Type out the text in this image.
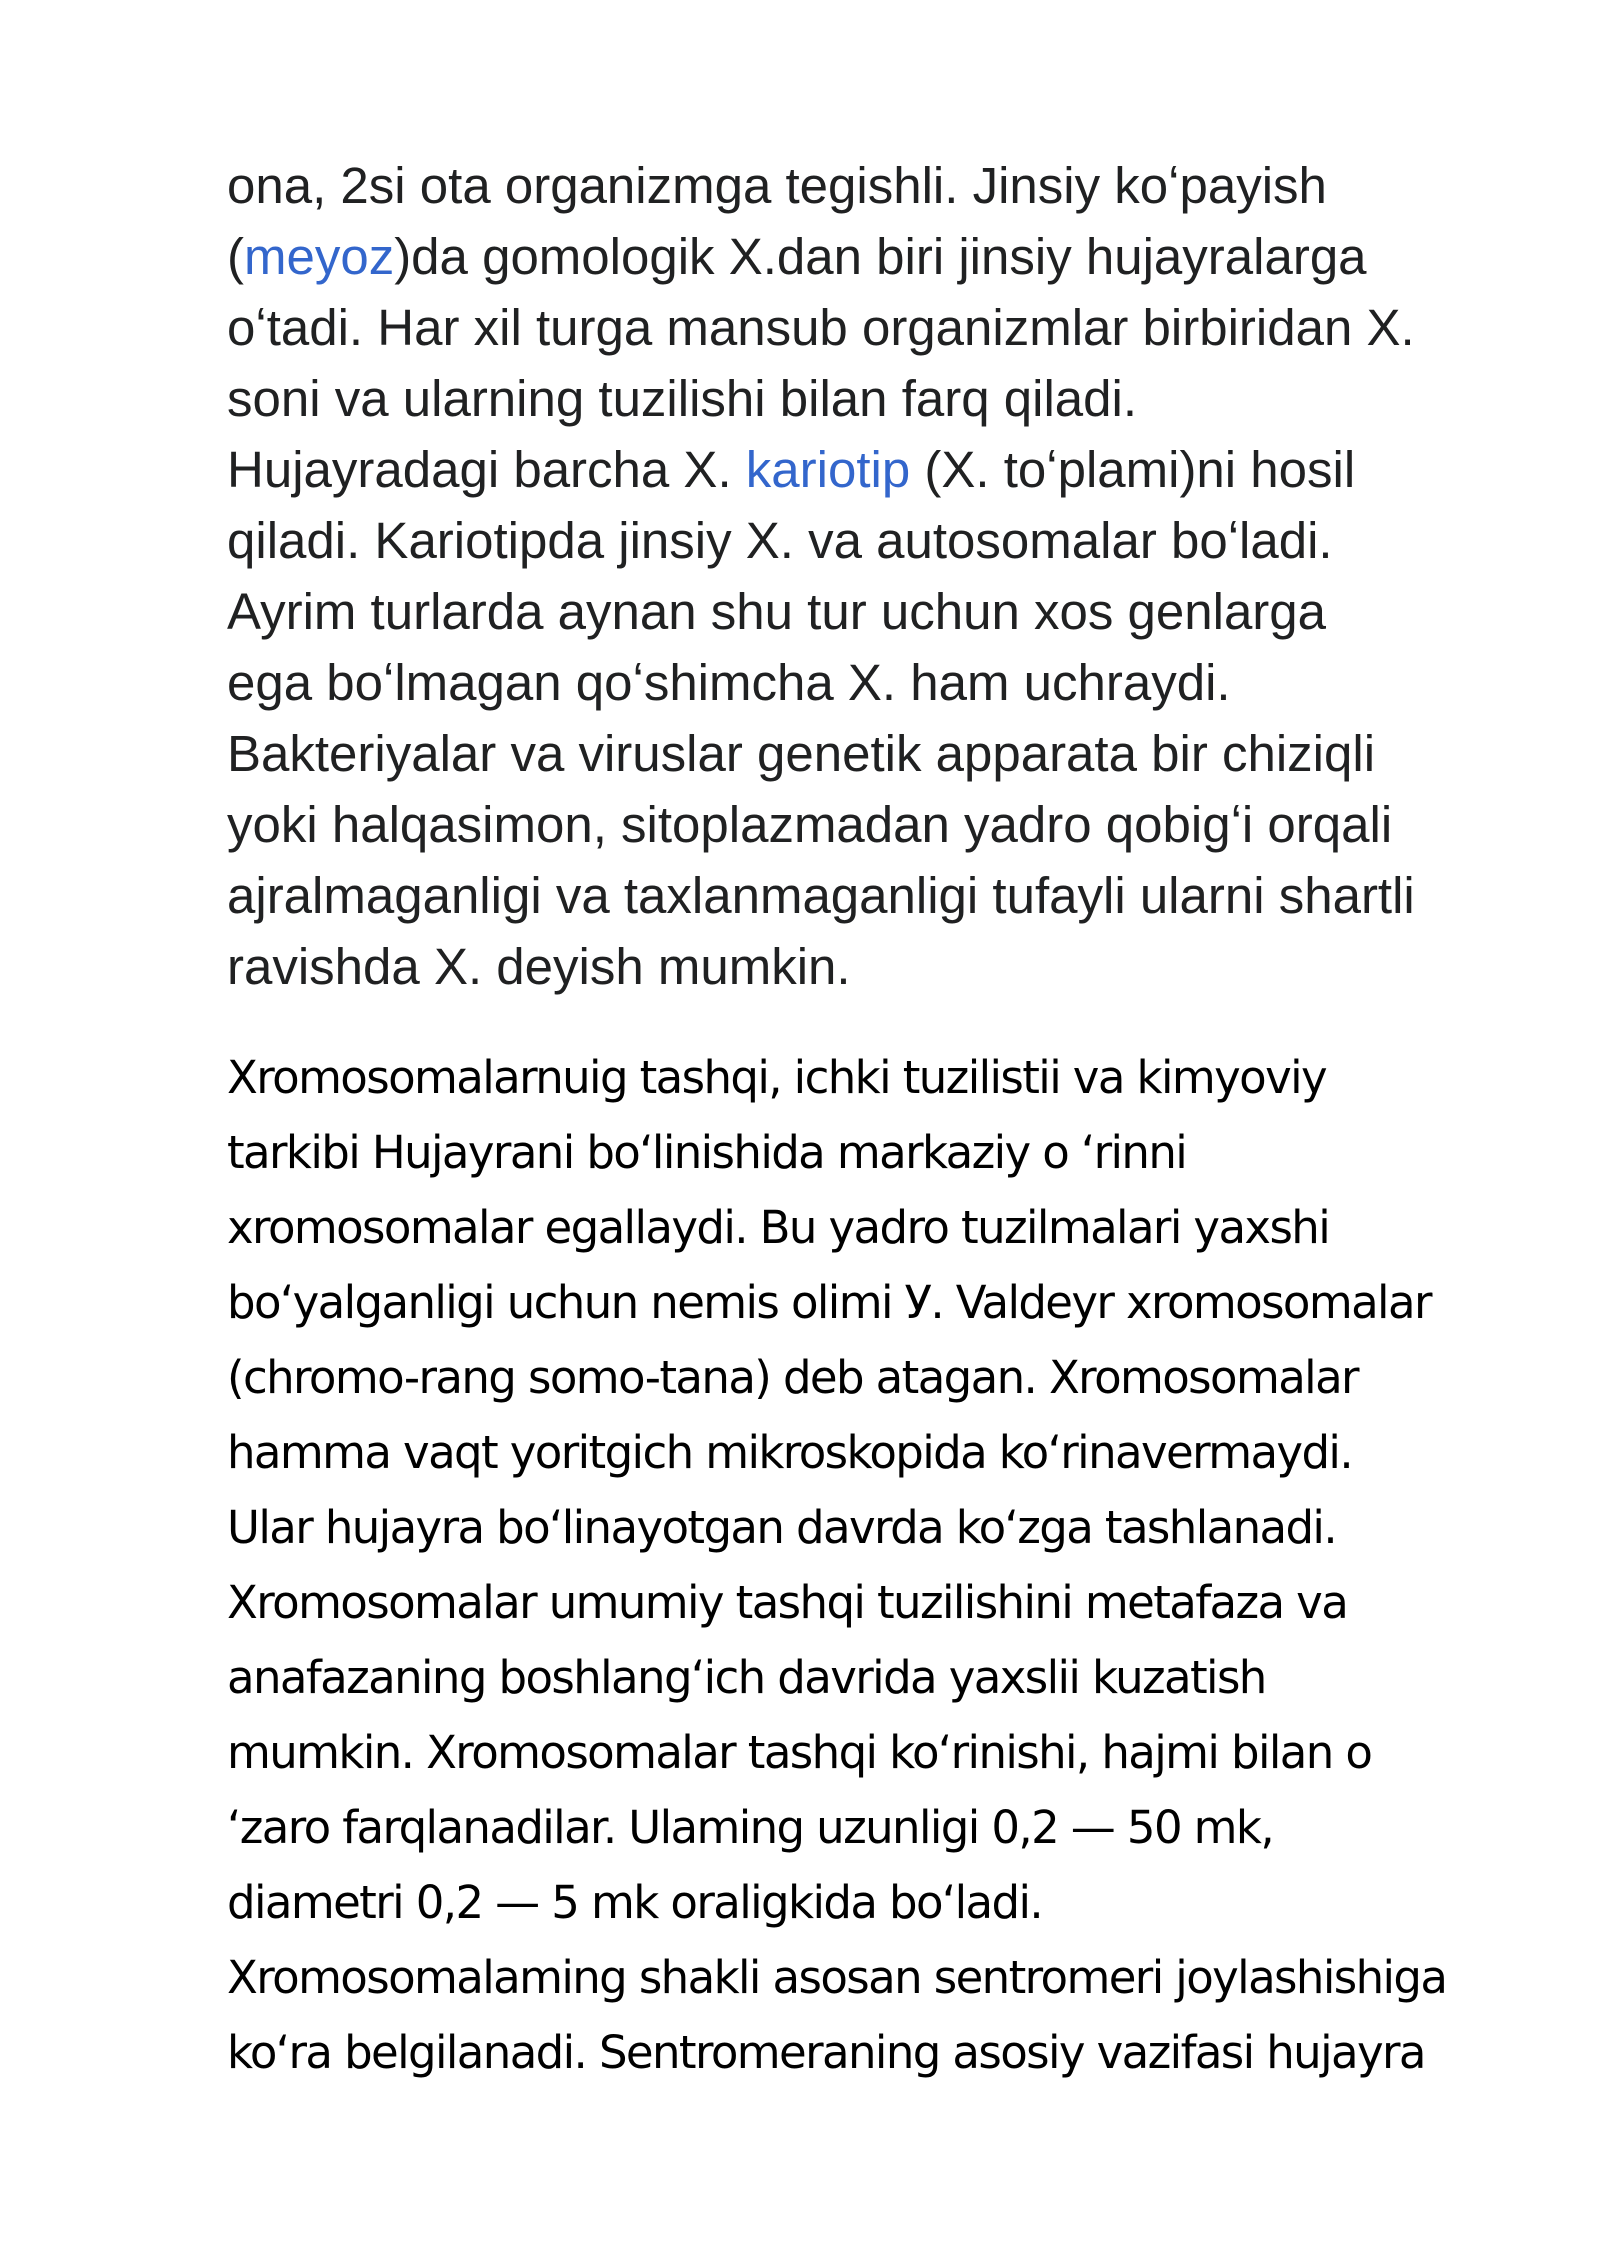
ona, 2si ota organizmga tegishli. Jinsiy koʻpayish
(meyoz)da gomologik X.dan biri jinsiy hujayralarga
oʻtadi. Har xil turga mansub organizmlar birbiridan X.
soni va ularning tuzilishi bilan farq qiladi.
Hujayradagi barcha X. kariotip (X. toʻplami)ni hosil
qiladi. Kariotipda jinsiy X. va autosomalar boʻladi.
Ayrim turlarda aynan shu tur uchun xos genlarga
ega boʻlmagan qoʻshimcha X. ham uchraydi.
Bakteriyalar va viruslar genetik apparata bir chiziqli
yoki halqasimon, sitoplazmadan yadro qobigʻi orqali
ajralmaganligi va taxlanmaganligi tufayli ularni shartli
ravishda X. deyish mumkin.

Xromosomalarnuig tashqi, ichki tuzilistii va kimyoviy
tarkibi Hujayrani boʻlinishida markaziy o ʻrinni
xromosomalar egallaydi. Bu yadro tuzilmalari yaxshi
boʻyalganligi uchun nemis olimi У. Valdeyr xromosomalar
(chromo-rang somo-tana) deb atagan. Xromosomalar
hamma vaqt yoritgich mikroskopida koʻrinavermaydi.
Ular hujayra boʻlinayotgan davrda koʻzga tashlanadi.
Xromosomalar umumiy tashqi tuzilishini metafaza va
anafazaning boshlangʻich davrida yaxslii kuzatish
mumkin. Xromosomalar tashqi koʻrinishi, hajmi bilan o
ʻzaro farqlanadilar. Ulaming uzunligi 0,2 — 50 mk,
diametri 0,2 — 5 mk oraligkida boʻladi.
Xromosomalaming shakli asosan sentromeri joylashishiga
koʻra belgilanadi. Sentromeraning asosiy vazifasi hujayra
